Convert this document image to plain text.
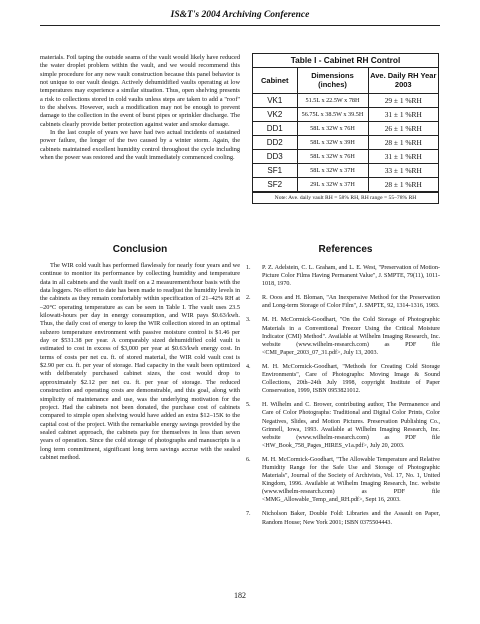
IS&T's 2004 Archiving Conference

materials. Foil taping the outside seams of the vault would likely have reduced the water droplet problem within the vault, and we would recommend this simple procedure for any new vault construction because this panel behavior is not unique to our vault design. Actively dehumidified vaults operating at low temperatures may experience a similar situation. Thus, open shelving presents a risk to collections stored in cold vaults unless steps are taken to add a "roof" to the shelves. However, such a modification may not be enough to prevent damage to the collection in the event of burst pipes or sprinkler discharge. The cabinets clearly provide better protection against water and smoke damage.

In the last couple of years we have had two actual incidents of sustained power failure, the longer of the two caused by a winter storm. Again, the cabinets maintained excellent humidity control throughout the cycle including when the power was restored and the vault immediately commenced cooling.

Conclusion

The WIR cold vault has performed flawlessly for nearly four years and we continue to monitor its performance by collecting humidity and temperature data in all cabinets and the vault itself on a 2 measurement/hour basis with the data loggers. No effort to date has been made to readjust the humidity levels in the cabinets as they remain comfortably within specification of 21–42% RH at –20°C operating temperature as can be seen in Table I. The vault uses 23.5 kilowatt-hours per day in energy consumption, and WIR pays $0.63/kwh. Thus, the daily cost of energy to keep the WIR collection stored in an optimal subzero temperature environment with passive moisture control is $1.46 per day or $531.38 per year. A comparably sized dehumidified cold vault is estimated to cost in excess of $3,000 per year at $0.63/kwh energy cost. In terms of costs per net cu. ft. of stored material, the WIR cold vault cost is $2.90 per cu. ft. per year of storage. Had capacity in the vault been optimized with deliberately purchased cabinet sizes, the cost would drop to approximately $2.12 per net cu. ft. per year of storage. The reduced construction and operating costs are demonstrable, and this goal, along with simplicity of maintenance and use, was the underlying motivation for the project. Had the cabinets not been donated, the purchase cost of cabinets compared to simple open shelving would have added an extra $12–15K to the capital cost of the project. With the remarkable energy savings provided by the sealed cabinet approach, the cabinets pay for themselves in less than seven years of operation. Since the cold storage of photographs and manuscripts is a long term commitment, significant long term savings accrue with the sealed cabinet method.

Table I - Cabinet RH Control
Cabinet	Dimensions (inches)	Ave. Daily RH Year 2003
VK1	51.5L x 22.5W x 78H	29 ± 1 %RH
VK2	56.75L x 38.5W x 39.5H	31 ± 1 %RH
DD1	58L x 32W x 76H	26 ± 1 %RH
DD2	58L x 32W x 39H	28 ± 1 %RH
DD3	58L x 32W x 76H	31 ± 1 %RH
SF1	58L x 32W x 37H	33 ± 1 %RH
SF2	29L x 32W x 37H	28 ± 1 %RH
Note: Ave. daily vault RH = 58% RH, RH range = 55–78% RH
References
1.	P. Z. Adelstein, C. L. Graham, and L. E. West, "Preservation of Motion-Picture Color Films Having Permanent Value", J. SMPTE, 79(11), 1011-1018, 1970.
2.	R. Ooos and H. Bloman, "An Inexpensive Method for the Preservation and Long-term Storage of Color Film", J. SMPTE, 92, 1314-1316, 1983.
3.	M. H. McCormick-Goodhart, "On the Cold Storage of Photographic Materials in a Conventional Freezer Using the Critical Moisture Indicator (CMI) Method". Available at Wilhelm Imaging Research, Inc. website (www.wilhelm-research.com) as PDF file <CMI_Paper_2003_07_31.pdf>, July 13, 2003.
4.	M. H. McCormick-Goodhart, "Methods for Creating Cold Storage Environments", Care of Photographs: Moving Image & Sound Collections, 20th–24th July 1998, copyright Institute of Paper Conservation, 1999, ISBN 0953821012.
5.	H. Wilhelm and C. Brower, contributing author, The Permanence and Care of Color Photographs: Traditional and Digital Color Prints, Color Negatives, Slides, and Motion Pictures. Preservation Publishing Co., Grinnell, Iowa, 1993. Available at Wilhelm Imaging Research, Inc. website (www.wilhelm-research.com) as PDF file <HW_Book_758_Pages_HIRES_v1a.pdf>, July 20, 2003.
6.	M. H. McCormick-Goodhart, "The Allowable Temperature and Relative Humidity Range for the Safe Use and Storage of Photographic Materials", Journal of the Society of Archivists, Vol. 17, No. 1, United Kingdom, 1996. Available at Wilhelm Imaging Research, Inc. website (www.wilhelm-research.com) as PDF file <MMG_Allowable_Temp_and_RH.pdf>, Sept 16, 2003.
7.	Nicholson Baker, Double Fold: Libraries and the Assault on Paper, Random House; New York 2001; ISBN 0375504443.
182
